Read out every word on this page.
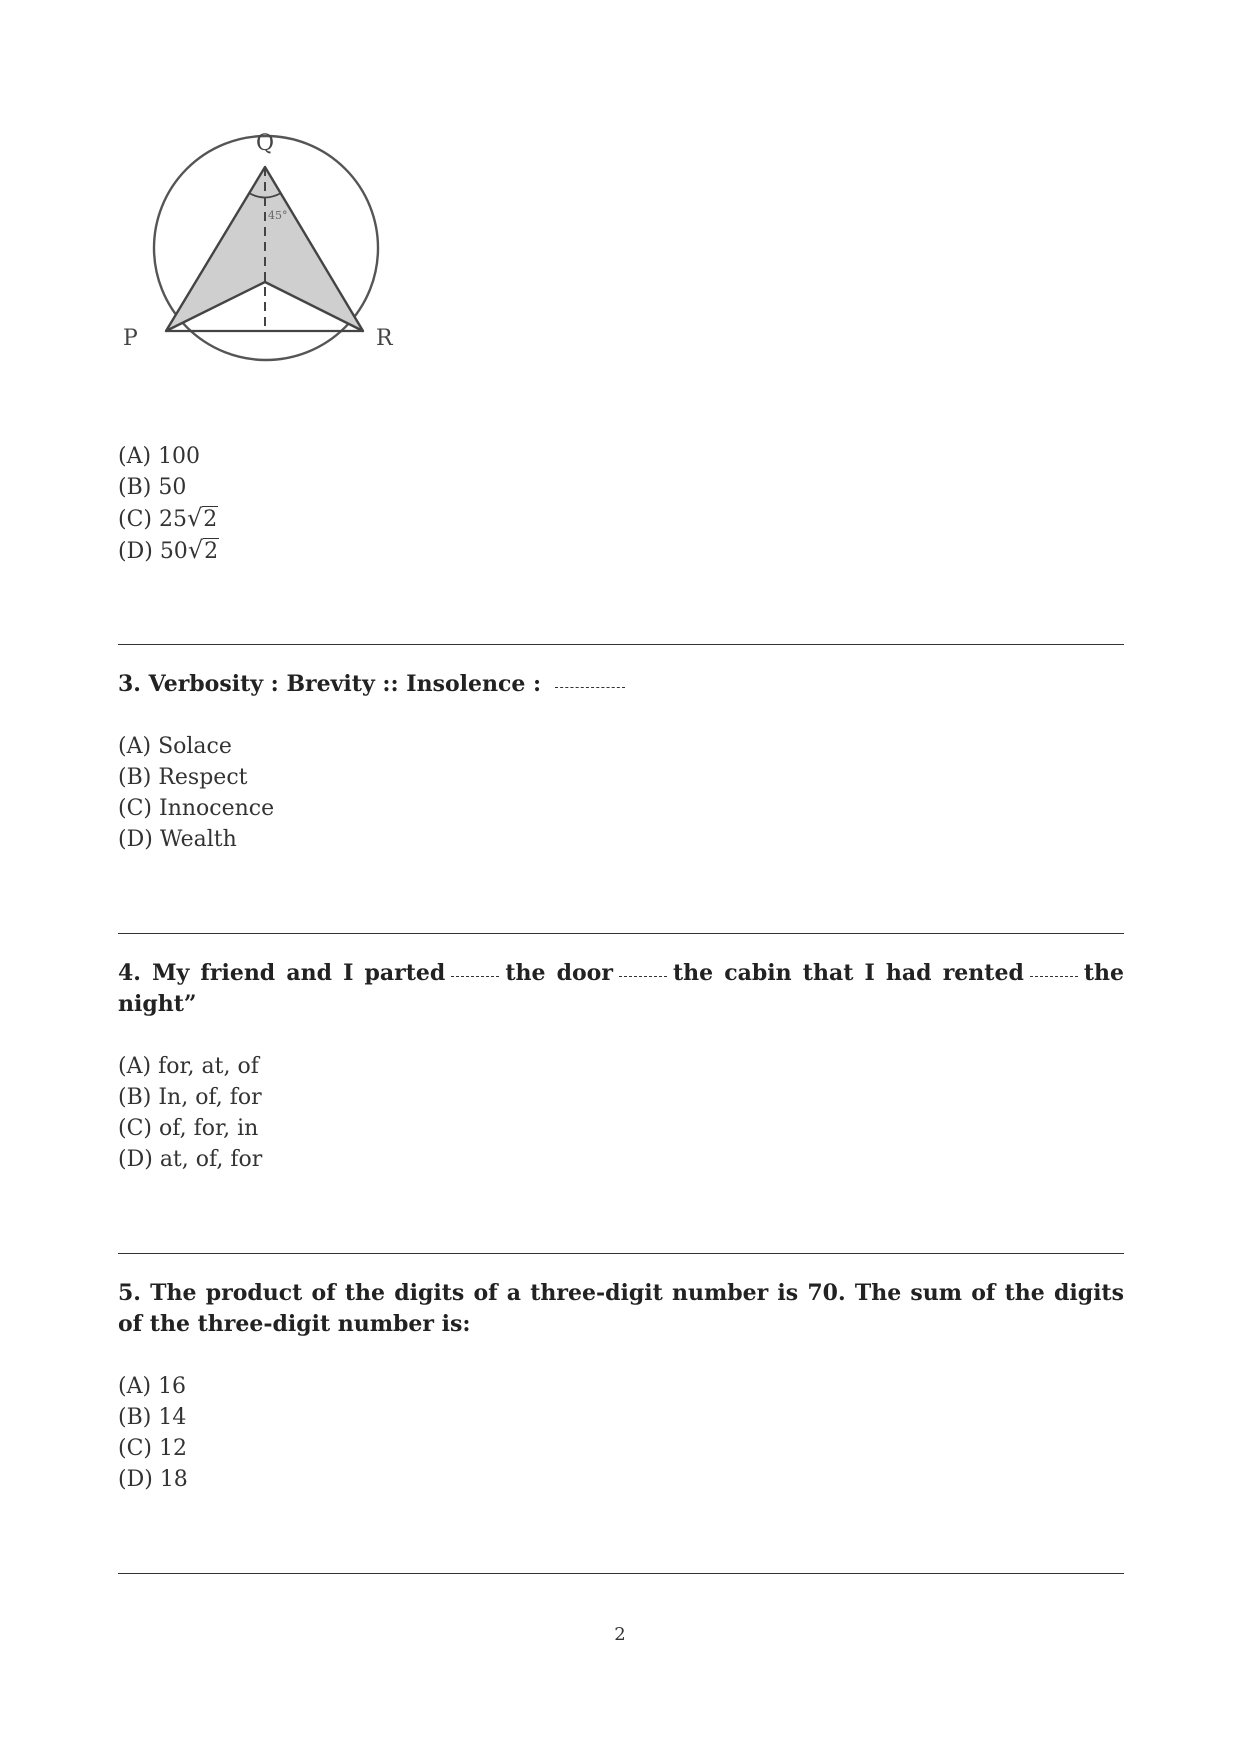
45°
Q
P	R
(A) 100
(B) 50
(C) 25√2
(D) 50√2
3. Verbosity : Brevity :: Insolence :
(A) Solace
(B) Respect
(C) Innocence
(D) Wealth
4. My friend and I parted	the door	the cabin that I had rented	the night”
(A) for, at, of
(B) In, of, for
(C) of, for, in
(D) at, of, for
5. The product of the digits of a three-digit number is 70. The sum of the digits of the three-digit number is:
(A) 16
(B) 14
(C) 12
(D) 18
2
